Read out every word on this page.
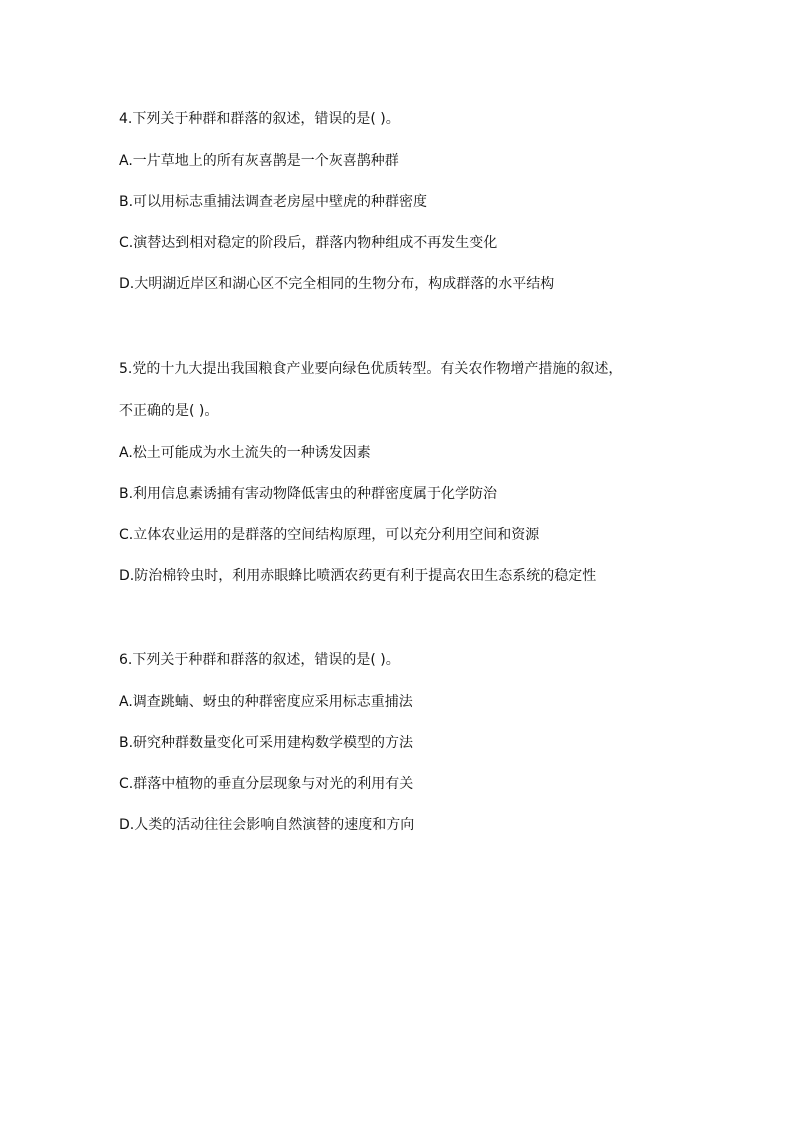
4.下列关于种群和群落的叙述，错误的是( )。
A.一片草地上的所有灰喜鹊是一个灰喜鹊种群
B.可以用标志重捕法调查老房屋中壁虎的种群密度
C.演替达到相对稳定的阶段后，群落内物种组成不再发生变化
D.大明湖近岸区和湖心区不完全相同的生物分布，构成群落的水平结构
5.党的十九大提出我国粮食产业要向绿色优质转型。有关农作物增产措施的叙述，
不正确的是( )。
A.松土可能成为水土流失的一种诱发因素
B.利用信息素诱捕有害动物降低害虫的种群密度属于化学防治
C.立体农业运用的是群落的空间结构原理，可以充分利用空间和资源
D.防治棉铃虫时，利用赤眼蜂比喷洒农药更有利于提高农田生态系统的稳定性
6.下列关于种群和群落的叙述，错误的是( )。
A.调查跳蝻、蚜虫的种群密度应采用标志重捕法
B.研究种群数量变化可采用建构数学模型的方法
C.群落中植物的垂直分层现象与对光的利用有关
D.人类的活动往往会影响自然演替的速度和方向
